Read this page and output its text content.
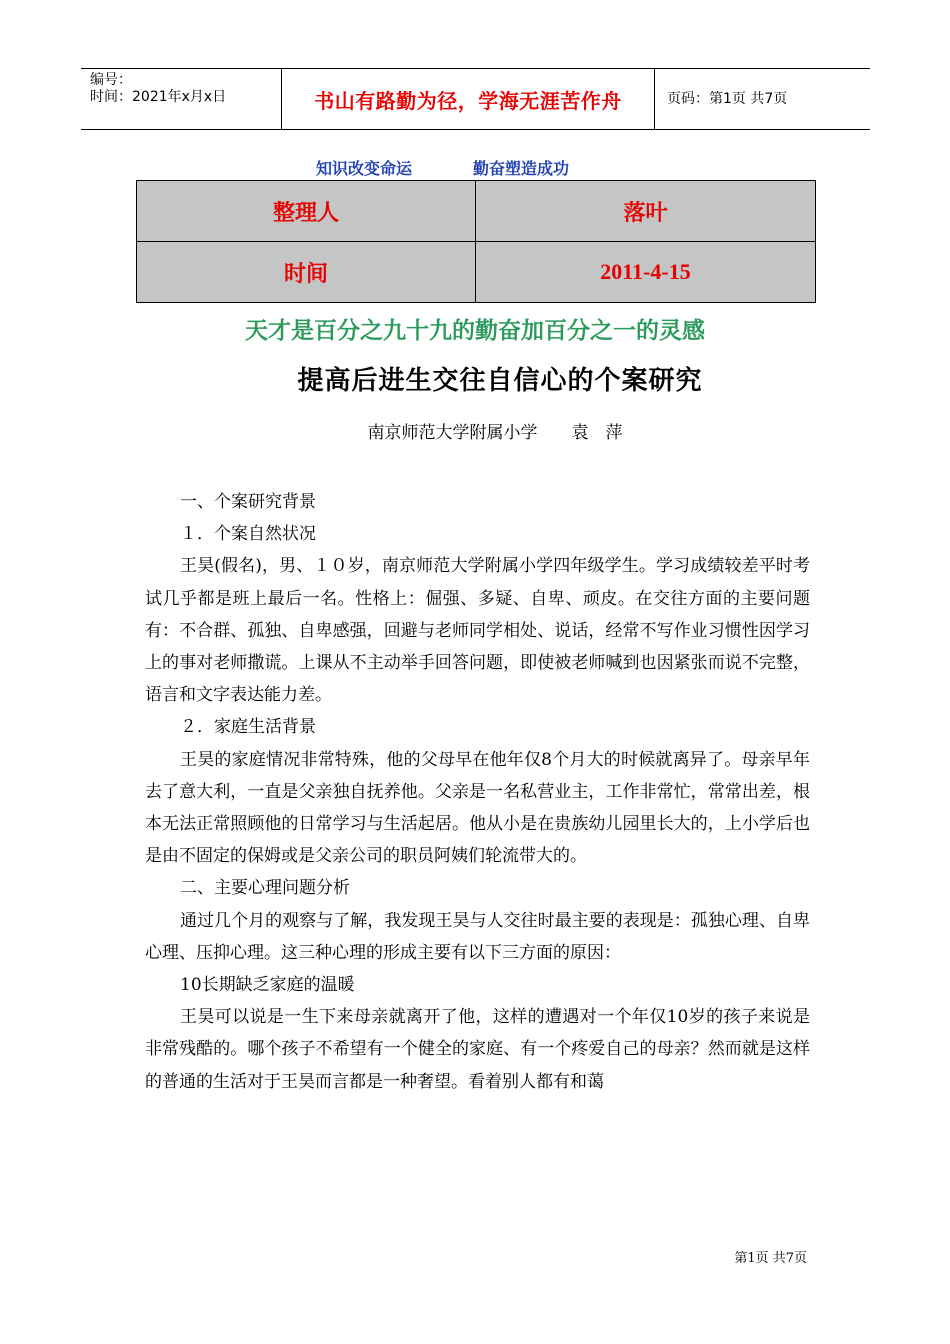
编号：
时间：2021年x月x日	书山有路勤为径，学海无涯苦作舟	页码：第1页 共7页
知识改变命运	勤奋塑造成功
整理人	落叶
时间	2011-4-15
天才是百分之九十九的勤奋加百分之一的灵感
提高后进生交往自信心的个案研究
南京师范大学附属小学　　袁　萍

一、个案研究背景

１．个案自然状况

王昊(假名)，男、１０岁，南京师范大学附属小学四年级学生。学习成绩较差平时考试几乎都是班上最后一名。性格上：倔强、多疑、自卑、顽皮。在交往方面的主要问题有：不合群、孤独、自卑感强，回避与老师同学相处、说话，经常不写作业习惯性因学习上的事对老师撒谎。上课从不主动举手回答问题，即使被老师喊到也因紧张而说不完整，语言和文字表达能力差。

２．家庭生活背景

王昊的家庭情况非常特殊，他的父母早在他年仅8个月大的时候就离异了。母亲早年去了意大利，一直是父亲独自抚养他。父亲是一名私营业主，工作非常忙，常常出差，根本无法正常照顾他的日常学习与生活起居。他从小是在贵族幼儿园里长大的，上小学后也是由不固定的保姆或是父亲公司的职员阿姨们轮流带大的。

二、主要心理问题分析

通过几个月的观察与了解，我发现王昊与人交往时最主要的表现是：孤独心理、自卑心理、压抑心理。这三种心理的形成主要有以下三方面的原因：

10长期缺乏家庭的温暖

王昊可以说是一生下来母亲就离开了他，这样的遭遇对一个年仅10岁的孩子来说是非常残酷的。哪个孩子不希望有一个健全的家庭、有一个疼爱自己的母亲？然而就是这样的普通的生活对于王昊而言都是一种奢望。看着别人都有和蔼

第1页 共7页
